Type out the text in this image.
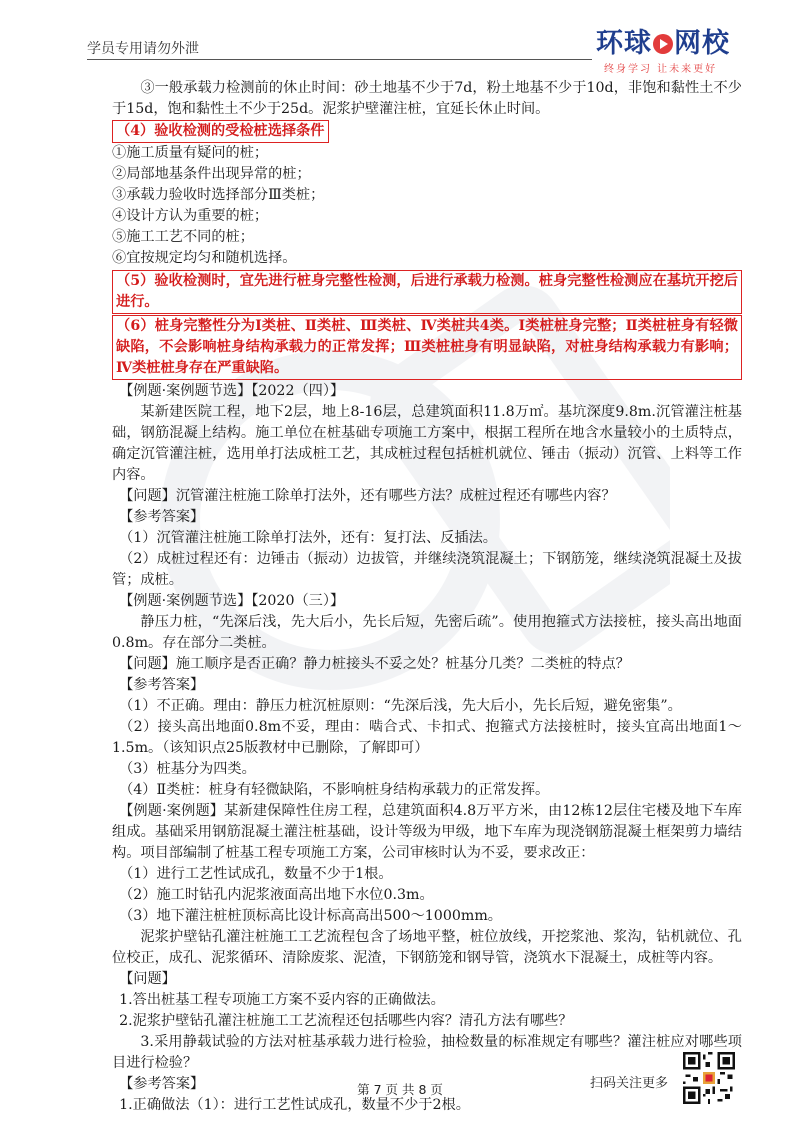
学员专用请勿外泄	环球 网校
终身学习 让未来更好
③一般承载力检测前的休止时间：砂土地基不少于7d，粉土地基不少于10d，非饱和黏性土不少于15d，饱和黏性土不少于25d。泥浆护壁灌注桩，宜延长休止时间。
（4）验收检测的受检桩选择条件
①施工质量有疑问的桩；
②局部地基条件出现异常的桩；
③承载力验收时选择部分Ⅲ类桩；
④设计方认为重要的桩；
⑤施工工艺不同的桩；
⑥宜按规定均匀和随机选择。
（5）验收检测时，宜先进行桩身完整性检测，后进行承载力检测。桩身完整性检测应在基坑开挖后进行。
（6）桩身完整性分为Ⅰ类桩、Ⅱ类桩、Ⅲ类桩、Ⅳ类桩共4类。Ⅰ类桩桩身完整；Ⅱ类桩桩身有轻微缺陷，不会影响桩身结构承载力的正常发挥；Ⅲ类桩桩身有明显缺陷，对桩身结构承载力有影响；Ⅳ类桩桩身存在严重缺陷。
【例题·案例题节选】【2022（四）】
某新建医院工程，地下2层，地上8-16层，总建筑面积11.8万㎡。基坑深度9.8m.沉管灌注桩基础，钢筋混凝上结构。施工单位在桩基础专项施工方案中，根据工程所在地含水量较小的土质特点，确定沉管灌注桩，选用单打法成桩工艺，其成桩过程包括桩机就位、锤击（振动）沉管、上料等工作内容。
【问题】沉管灌注桩施工除单打法外，还有哪些方法？成桩过程还有哪些内容？
【参考答案】
（1）沉管灌注桩施工除单打法外，还有：复打法、反插法。
（2）成桩过程还有：边锤击（振动）边拔管，并继续浇筑混凝土；下钢筋笼，继续浇筑混凝土及拔管；成桩。
【例题·案例题节选】【2020（三）】
静压力桩，“先深后浅，先大后小，先长后短，先密后疏”。使用抱箍式方法接桩，接头高出地面0.8m。存在部分二类桩。
【问题】施工顺序是否正确？静力桩接头不妥之处？桩基分几类？二类桩的特点？
【参考答案】
（1）不正确。理由：静压力桩沉桩原则：“先深后浅，先大后小，先长后短，避免密集”。
（2）接头高出地面0.8m不妥，理由：啮合式、卡扣式、抱箍式方法接桩时，接头宜高出地面1～1.5m。（该知识点25版教材中已删除，了解即可）
（3）桩基分为四类。
（4）Ⅱ类桩：桩身有轻微缺陷，不影响桩身结构承载力的正常发挥。
【例题·案例题】某新建保障性住房工程，总建筑面积4.8万平方米，由12栋12层住宅楼及地下车库组成。基础采用钢筋混凝土灌注桩基础，设计等级为甲级，地下车库为现浇钢筋混凝土框架剪力墙结构。项目部编制了桩基工程专项施工方案，公司审核时认为不妥，要求改正：
（1）进行工艺性试成孔，数量不少于1根。
（2）施工时钻孔内泥浆液面高出地下水位0.3m。
（3）地下灌注桩桩顶标高比设计标高高出500～1000mm。
泥浆护壁钻孔灌注桩施工工艺流程包含了场地平整，桩位放线，开挖浆池、浆沟，钻机就位、孔位校正，成孔、泥浆循环、清除废浆、泥渣，下钢筋笼和钢导管，浇筑水下混凝土，成桩等内容。
【问题】
1.答出桩基工程专项施工方案不妥内容的正确做法。
2.泥浆护壁钻孔灌注桩施工工艺流程还包括哪些内容？清孔方法有哪些？
3.采用静载试验的方法对桩基承载力进行检验，抽检数量的标准规定有哪些？灌注桩应对哪些项目进行检验？
【参考答案】
1.正确做法（1）：进行工艺性试成孔，数量不少于2根。
第 7 页 共 8 页	扫码关注更多
